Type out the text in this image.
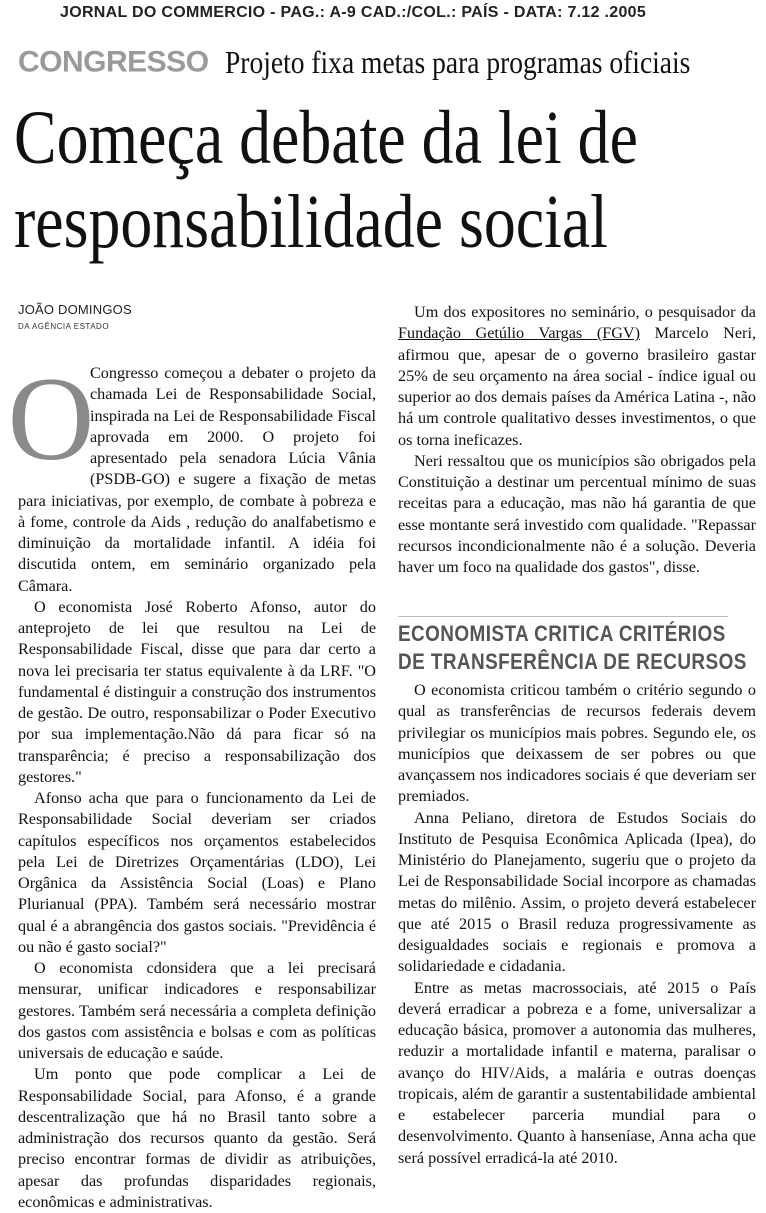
JORNAL DO COMMERCIO - PAG.: A-9 CAD.:/COL.: PAÍS - DATA: 7.12 .2005
CONGRESSO Projeto fixa metas para programas oficiais
Começa debate da lei de
responsabilidade social
JOÃO DOMINGOS
DA AGÊNCIA ESTADO
O

Congresso começou a debater o projeto da chamada Lei de Responsabilidade Social, inspirada na Lei de Responsabilidade Fiscal aprovada em 2000. O projeto foi apresentado pela senadora Lúcia Vânia (PSDB-GO) e sugere a fixação de metas para iniciativas, por exemplo, de combate à pobreza e à fome, controle da Aids , redução do analfabetismo e diminuição da mortalidade infantil. A idéia foi discutida ontem, em seminário organizado pela Câmara.

O economista José Roberto Afonso, autor do anteprojeto de lei que resultou na Lei de Responsabilidade Fiscal, disse que para dar certo a nova lei precisaria ter status equivalente à da LRF. "O fundamental é distinguir a construção dos instrumentos de gestão. De outro, responsabilizar o Poder Executivo por sua implementação.Não dá para ficar só na transparência; é preciso a responsabilização dos gestores."

Afonso acha que para o funcionamento da Lei de Responsabilidade Social deveriam ser criados capítulos específicos nos orçamentos estabelecidos pela Lei de Diretrizes Orçamentárias (LDO), Lei Orgânica da Assistência Social (Loas) e Plano Plurianual (PPA). Também será necessário mostrar qual é a abrangência dos gastos sociais. "Previdência é ou não é gasto social?"

O economista cdonsidera que a lei precisará mensurar, unificar indicadores e responsabilizar gestores. Também será necessária a completa definição dos gastos com assistência e bolsas e com as políticas universais de educação e saúde.

Um ponto que pode complicar a Lei de Responsabilidade Social, para Afonso, é a grande descentralização que há no Brasil tanto sobre a administração dos recursos quanto da gestão. Será preciso encontrar formas de dividir as atribuições, apesar das profundas disparidades regionais, econômicas e administrativas.

Um dos expositores no seminário, o pesquisador da Fundação Getúlio Vargas (FGV) Marcelo Neri, afirmou que, apesar de o governo brasileiro gastar 25% de seu orçamento na área social - índice igual ou superior ao dos demais países da América Latina -, não há um controle qualitativo desses investimentos, o que os torna ineficazes.

Neri ressaltou que os municípios são obrigados pela Constituição a destinar um percentual mínimo de suas receitas para a educação, mas não há garantia de que esse montante será investido com qualidade. "Repassar recursos incondicionalmente não é a solução. Deveria haver um foco na qualidade dos gastos", disse.

ECONOMISTA CRITICA CRITÉRIOS
DE TRANSFERÊNCIA DE RECURSOS

O economista criticou também o critério segundo o qual as transferências de recursos federais devem privilegiar os municípios mais pobres. Segundo ele, os municípios que deixassem de ser pobres ou que avançassem nos indicadores sociais é que deveriam ser premiados.

Anna Peliano, diretora de Estudos Sociais do Instituto de Pesquisa Econômica Aplicada (Ipea), do Ministério do Planejamento, sugeriu que o projeto da Lei de Responsabilidade Social incorpore as chamadas metas do milênio. Assim, o projeto deverá estabelecer que até 2015 o Brasil reduza progressivamente as desigualdades sociais e regionais e promova a solidariedade e cidadania.

Entre as metas macrossociais, até 2015 o País deverá erradicar a pobreza e a fome, universalizar a educação básica, promover a autonomia das mulheres, reduzir a mortalidade infantil e materna, paralisar o avanço do HIV/Aids, a malária e outras doenças tropicais, além de garantir a sustentabilidade ambiental e estabelecer parceria mundial para o desenvolvimento. Quanto à hanseníase, Anna acha que será possível erradicá-la até 2010.
